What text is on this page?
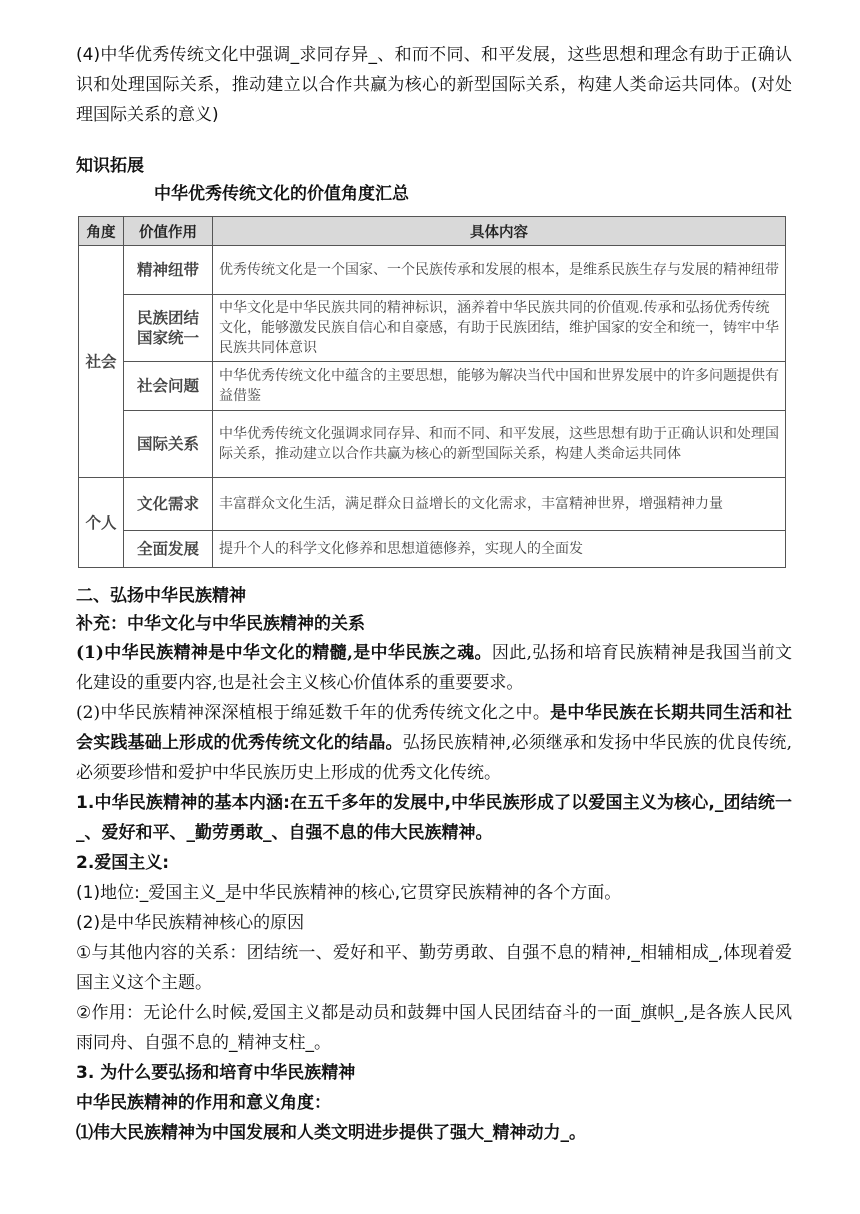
(4)中华优秀传统文化中强调_求同存异_、和而不同、和平发展，这些思想和理念有助于正确认识和处理国际关系，推动建立以合作共赢为核心的新型国际关系，构建人类命运共同体。(对处理国际关系的意义)

知识拓展
中华优秀传统文化的价值角度汇总
角度	价值作用	具体内容
社会	精神纽带	优秀传统文化是一个国家、一个民族传承和发展的根本，是维系民族生存与发展的精神纽带
	民族团结国家统一	中华文化是中华民族共同的精神标识，涵养着中华民族共同的价值观.传承和弘扬优秀传统文化，能够激发民族自信心和自豪感，有助于民族团结，维护国家的安全和统一，铸牢中华民族共同体意识
	社会问题	中华优秀传统文化中蕴含的主要思想，能够为解决当代中国和世界发展中的许多问题提供有益借鉴
	国际关系	中华优秀传统文化强调求同存异、和而不同、和平发展，这些思想有助于正确认识和处理国际关系，推动建立以合作共赢为核心的新型国际关系，构建人类命运共同体
个人	文化需求	丰富群众文化生活，满足群众日益增长的文化需求，丰富精神世界，增强精神力量
	全面发展	提升个人的科学文化修养和思想道德修养，实现人的全面发
二、弘扬中华民族精神
补充：中华文化与中华民族精神的关系

(1)中华民族精神是中华文化的精髓,是中华民族之魂。因此,弘扬和培育民族精神是我国当前文化建设的重要内容,也是社会主义核心价值体系的重要要求。

(2)中华民族精神深深植根于绵延数千年的优秀传统文化之中。是中华民族在长期共同生活和社会实践基础上形成的优秀传统文化的结晶。弘扬民族精神,必须继承和发扬中华民族的优良传统,必须要珍惜和爱护中华民族历史上形成的优秀文化传统。

1.中华民族精神的基本内涵:在五千多年的发展中,中华民族形成了以爱国主义为核心,_团结统一_、爱好和平、_勤劳勇敢_、自强不息的伟大民族精神。

2.爱国主义:

(1)地位:_爱国主义_是中华民族精神的核心,它贯穿民族精神的各个方面。

(2)是中华民族精神核心的原因

①与其他内容的关系：团结统一、爱好和平、勤劳勇敢、自强不息的精神,_相辅相成_,体现着爱国主义这个主题。

②作用：无论什么时候,爱国主义都是动员和鼓舞中国人民团结奋斗的一面_旗帜_,是各族人民风雨同舟、自强不息的_精神支柱_。

3. 为什么要弘扬和培育中华民族精神

中华民族精神的作用和意义角度：

⑴伟大民族精神为中国发展和人类文明进步提供了强大_精神动力_。
